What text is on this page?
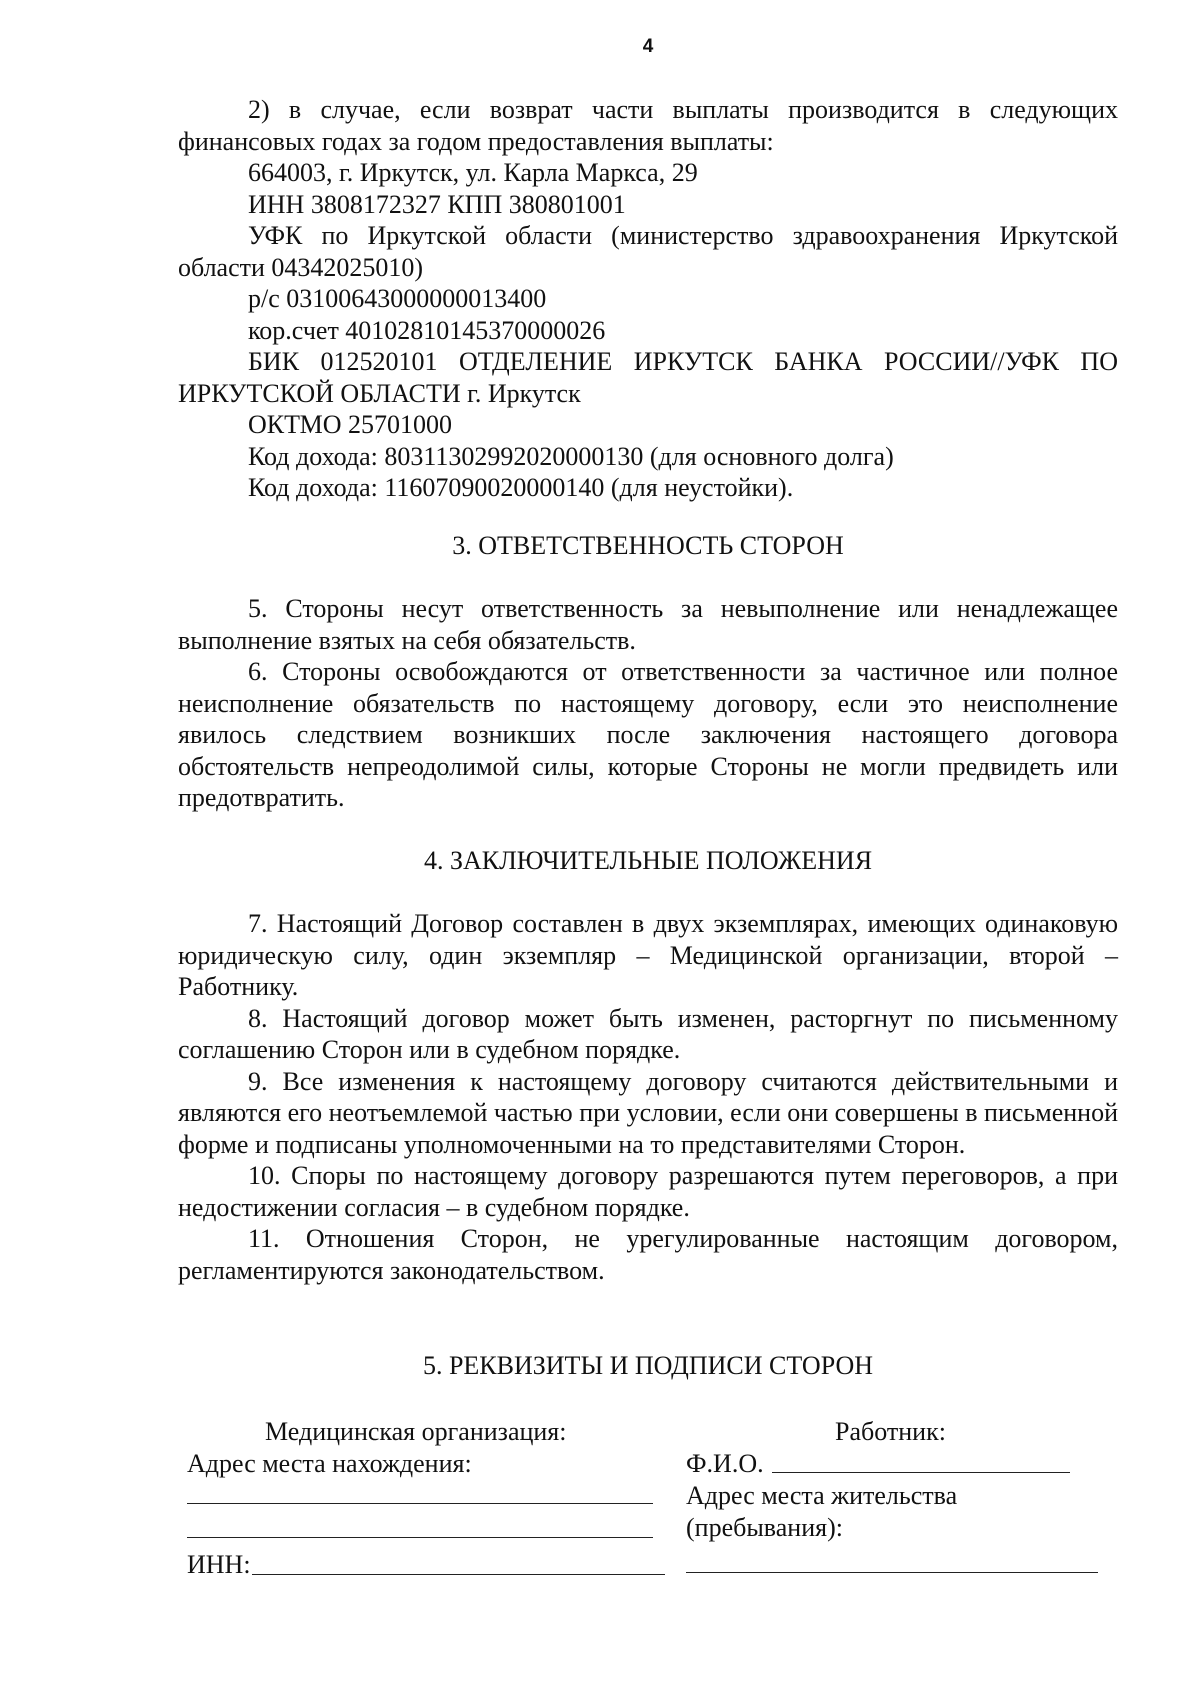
4

2) в случае, если возврат части выплаты производится в следующих финансовых годах за годом предоставления выплаты:

664003, г. Иркутск, ул. Карла Маркса, 29

ИНН 3808172327 КПП 380801001

УФК по Иркутской области (министерство здравоохранения Иркутской области 04342025010)

р/с 03100643000000013400

кор.счет 40102810145370000026

БИК 012520101 ОТДЕЛЕНИЕ ИРКУТСК БАНКА РОССИИ//УФК ПО ИРКУТСКОЙ ОБЛАСТИ г. Иркутск

ОКТМО 25701000

Код дохода: 80311302992020000130 (для основного долга)

Код дохода: 11607090020000140 (для неустойки).

3. ОТВЕТСТВЕННОСТЬ СТОРОН

5. Стороны несут ответственность за невыполнение или ненадлежащее выполнение взятых на себя обязательств.

6. Стороны освобождаются от ответственности за частичное или полное неисполнение обязательств по настоящему договору, если это неисполнение явилось следствием возникших после заключения настоящего договора обстоятельств непреодолимой силы, которые Стороны не могли предвидеть или предотвратить.

4. ЗАКЛЮЧИТЕЛЬНЫЕ ПОЛОЖЕНИЯ

7. Настоящий Договор составлен в двух экземплярах, имеющих одинаковую юридическую силу, один экземпляр – Медицинской организации, второй – Работнику.

8. Настоящий договор может быть изменен, расторгнут по письменному соглашению Сторон или в судебном порядке.

9. Все изменения к настоящему договору считаются действительными и являются его неотъемлемой частью при условии, если они совершены в письменной форме и подписаны уполномоченными на то представителями Сторон.

10. Споры по настоящему договору разрешаются путем переговоров, а при недостижении согласия – в судебном порядке.

11. Отношения Сторон, не урегулированные настоящим договором, регламентируются законодательством.

5. РЕКВИЗИТЫ И ПОДПИСИ СТОРОН
Медицинская организация:
Адрес места нахождения:
ИНН:
Работник:
Ф.И.О.
Адрес места жительства
(пребывания):
